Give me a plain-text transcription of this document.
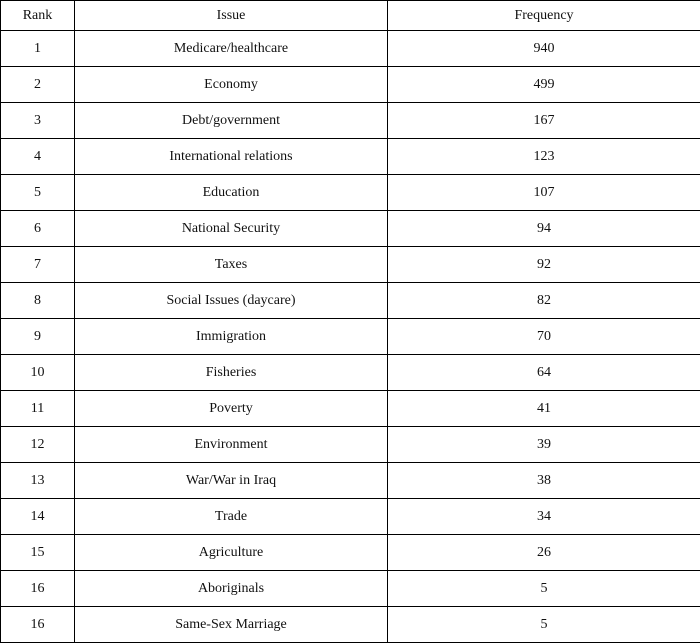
Rank	Issue	Frequency
1	Medicare/healthcare	940
2	Economy	499
3	Debt/government	167
4	International relations	123
5	Education	107
6	National Security	94
7	Taxes	92
8	Social Issues (daycare)	82
9	Immigration	70
10	Fisheries	64
11	Poverty	41
12	Environment	39
13	War/War in Iraq	38
14	Trade	34
15	Agriculture	26
16	Aboriginals	5
16	Same-Sex Marriage	5
